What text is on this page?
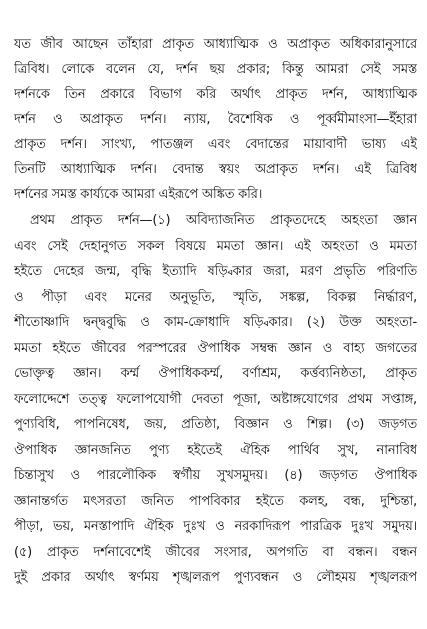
যত জীব আছেন তাঁহারা প্রাকৃত আধ্যাত্মিক ও অপ্রাকৃত অধিকারানুসারে
ত্রিবিধ। লোকে বলেন যে, দর্শন ছয় প্রকার; কিন্তু আমরা সেই সমস্ত
দর্শনকে তিন প্রকারে বিভাগ করি অর্থাৎ প্রাকৃত দর্শন, আধ্যাত্মিক
দর্শন ও অপ্রাকৃত দর্শন। ন্যায়, বৈশেষিক ও পূর্ব্বমীমাংসা—ইঁহারা
প্রাকৃত দর্শন। সাংখ্য, পাতঞ্জল এবং বেদান্তের মায়াবাদী ভাষ্য এই
তিনটি আধ্যাত্মিক দর্শন। বেদান্ত স্বয়ং অপ্রাকৃত দর্শন। এই ত্রিবিধ
দর্শনের সমস্ত কার্য্যকে আমরা এইরূপে অঙ্কিত করি।
প্রথম প্রাকৃত দর্শন—(১) অবিদ্যাজনিত প্রাকৃতদেহে অহংতা জ্ঞান
এবং সেই দেহানুগত সকল বিষয়ে মমতা জ্ঞান। এই অহংতা ও মমতা
হইতে দেহের জন্ম, বৃদ্ধি ইত্যাদি ষড়্বিকার জরা, মরণ প্রভৃতি পরিণতি
ও পীড়া এবং মনের অনুভূতি, স্মৃতি, সঙ্কল্প, বিকল্প নির্দ্ধারণ,
শীতোষ্ণাদি দ্বন্দ্ববুদ্ধি ও কাম-ক্রোধাদি ষড়্বিকার। (২) উক্ত অহংতা-
মমতা হইতে জীবের পরস্পরের ঔপাধিক সম্বন্ধ জ্ঞান ও বাহ্য জগতের
ভোক্তৃত্ব জ্ঞান। কর্ম্ম ঔপাধিককর্ম্ম, বর্ণাশ্রম, কর্ত্তব্যনিষ্ঠতা, প্রাকৃত
ফলোদ্দেশে তত্ত্ব ফলোপযোগী দেবতা পূজা, অষ্টাঙ্গযোগের প্রথম সপ্তাঙ্গ,
পুণ্যবিধি, পাপনিষেধ, জয়, প্রতিষ্ঠা, বিজ্ঞান ও শিল্প। (৩) জড়গত
ঔপাধিক জ্ঞানজনিত পুণ্য হইতেই ঐহিক পার্থিব সুখ, নানাবিধ
চিন্তাসুখ ও পারলৌকিক স্বর্গীয় সুখসমুদয়। (৪) জড়গত ঔপাধিক
জ্ঞানান্তর্গত মৎসরতা জনিত পাপবিকার হইতে কলহ, বন্ধ, দুশ্চিন্তা,
পীড়া, ভয়, মনস্তাপাদি ঐহিক দুঃখ ও নরকাদিরূপ পারত্রিক দুঃখ সমুদয়।
(৫) প্রাকৃত দর্শনাবেশেই জীবের সংসার, অপগতি বা বন্ধন। বন্ধন
দুই প্রকার অর্থাৎ স্বর্ণময় শৃঙ্খলরূপ পুণ্যবন্ধন ও লৌহময় শৃঙ্খলরূপ
